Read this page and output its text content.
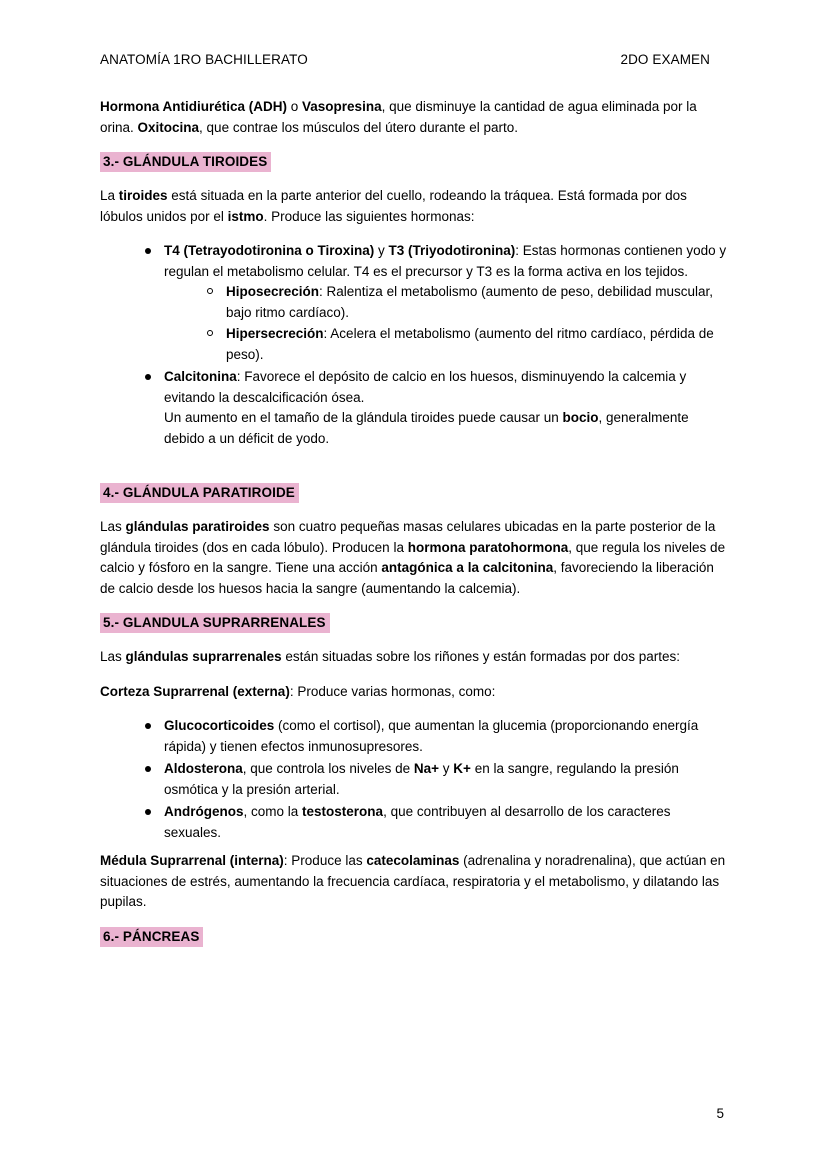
ANATOMÍA 1RO BACHILLERATO	2DO EXAMEN

Hormona Antidiurética (ADH) o Vasopresina, que disminuye la cantidad de agua eliminada por la orina. Oxitocina, que contrae los músculos del útero durante el parto.

3.- GLÁNDULA TIROIDES

La tiroides está situada en la parte anterior del cuello, rodeando la tráquea. Está formada por dos lóbulos unidos por el istmo. Produce las siguientes hormonas:

T4 (Tetrayodotironina o Tiroxina) y T3 (Triyodotironina): Estas hormonas contienen yodo y regulan el metabolismo celular. T4 es el precursor y T3 es la forma activa en los tejidos.
Hiposecreción: Ralentiza el metabolismo (aumento de peso, debilidad muscular, bajo ritmo cardíaco).
Hipersecreción: Acelera el metabolismo (aumento del ritmo cardíaco, pérdida de peso).
Calcitonina: Favorece el depósito de calcio en los huesos, disminuyendo la calcemia y evitando la descalcificación ósea.
Un aumento en el tamaño de la glándula tiroides puede causar un bocio, generalmente debido a un déficit de yodo.
4.- GLÁNDULA PARATIROIDE

Las glándulas paratiroides son cuatro pequeñas masas celulares ubicadas en la parte posterior de la glándula tiroides (dos en cada lóbulo). Producen la hormona paratohormona, que regula los niveles de calcio y fósforo en la sangre. Tiene una acción antagónica a la calcitonina, favoreciendo la liberación de calcio desde los huesos hacia la sangre (aumentando la calcemia).

5.- GLANDULA SUPRARRENALES

Las glándulas suprarrenales están situadas sobre los riñones y están formadas por dos partes:

Corteza Suprarrenal (externa): Produce varias hormonas, como:

Glucocorticoides (como el cortisol), que aumentan la glucemia (proporcionando energía rápida) y tienen efectos inmunosupresores.
Aldosterona, que controla los niveles de Na+ y K+ en la sangre, regulando la presión osmótica y la presión arterial.
Andrógenos, como la testosterona, que contribuyen al desarrollo de los caracteres sexuales.

Médula Suprarrenal (interna): Produce las catecolaminas (adrenalina y noradrenalina), que actúan en situaciones de estrés, aumentando la frecuencia cardíaca, respiratoria y el metabolismo, y dilatando las pupilas.

6.- PÁNCREAS
5
